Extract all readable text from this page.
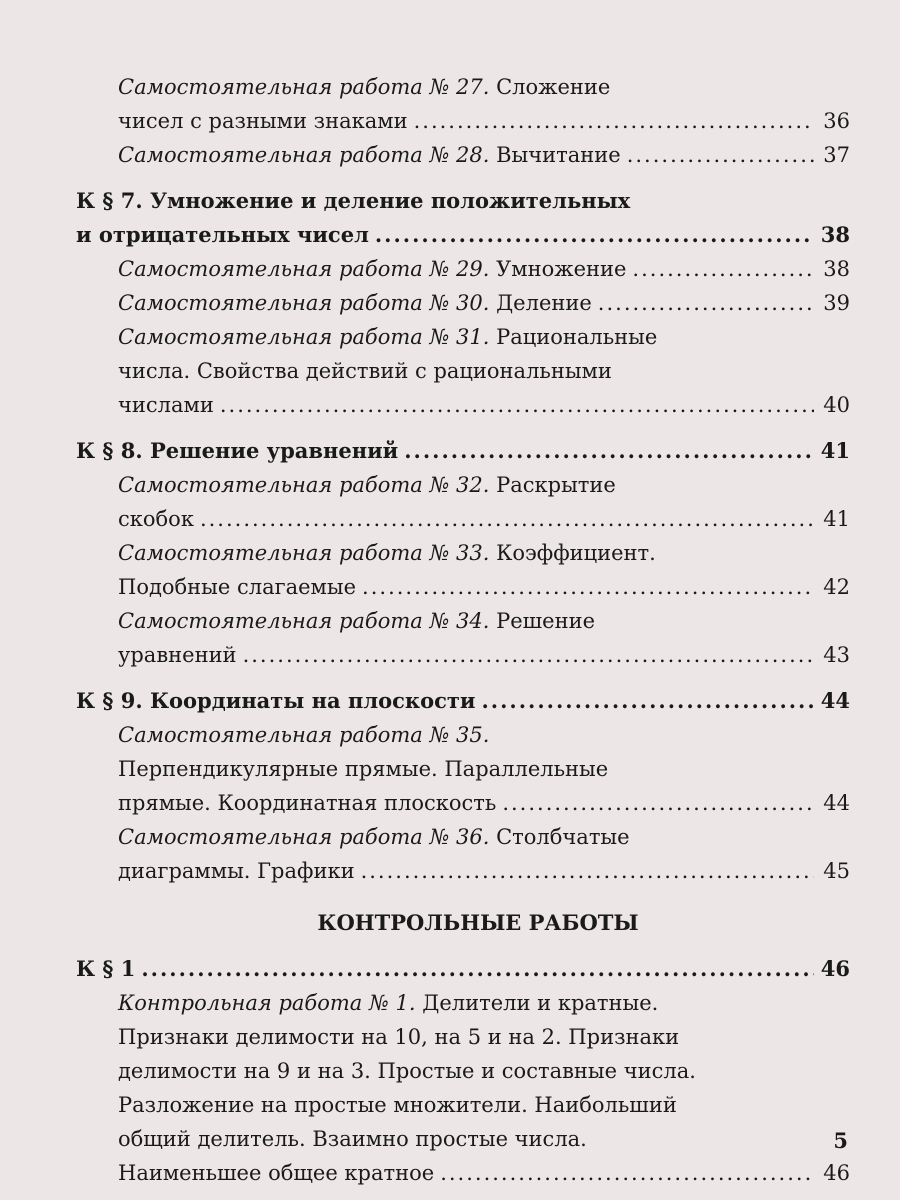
Самостоятельная работа № 27. Сложение
чисел с разными знаками .....	36
Самостоятельная работа № 28. Вычитание .....	37
К § 7. Умножение и деление положительных
и отрицательных чисел .....	38
Самостоятельная работа № 29. Умножение .....	38
Самостоятельная работа № 30. Деление .....	39
Самостоятельная работа № 31. Рациональные
числа. Свойства действий с рациональными
числами .....	40
К § 8. Решение уравнений .....	41
Самостоятельная работа № 32. Раскрытие
скобок .....	41
Самостоятельная работа № 33. Коэффициент.
Подобные слагаемые .....	42
Самостоятельная работа № 34. Решение
уравнений .....	43
К § 9. Координаты на плоскости .....	44
Самостоятельная работа № 35.
Перпендикулярные прямые. Параллельные
прямые. Координатная плоскость .....	44
Самостоятельная работа № 36. Столбчатые
диаграммы. Графики .....	45
КОНТРОЛЬНЫЕ РАБОТЫ
К § 1 .....	46
Контрольная работа № 1. Делители и кратные.
Признаки делимости на 10, на 5 и на 2. Признаки
делимости на 9 и на 3. Простые и составные числа.
Разложение на простые множители. Наибольший
общий делитель. Взаимно простые числа.
Наименьшее общее кратное .....	46
5
